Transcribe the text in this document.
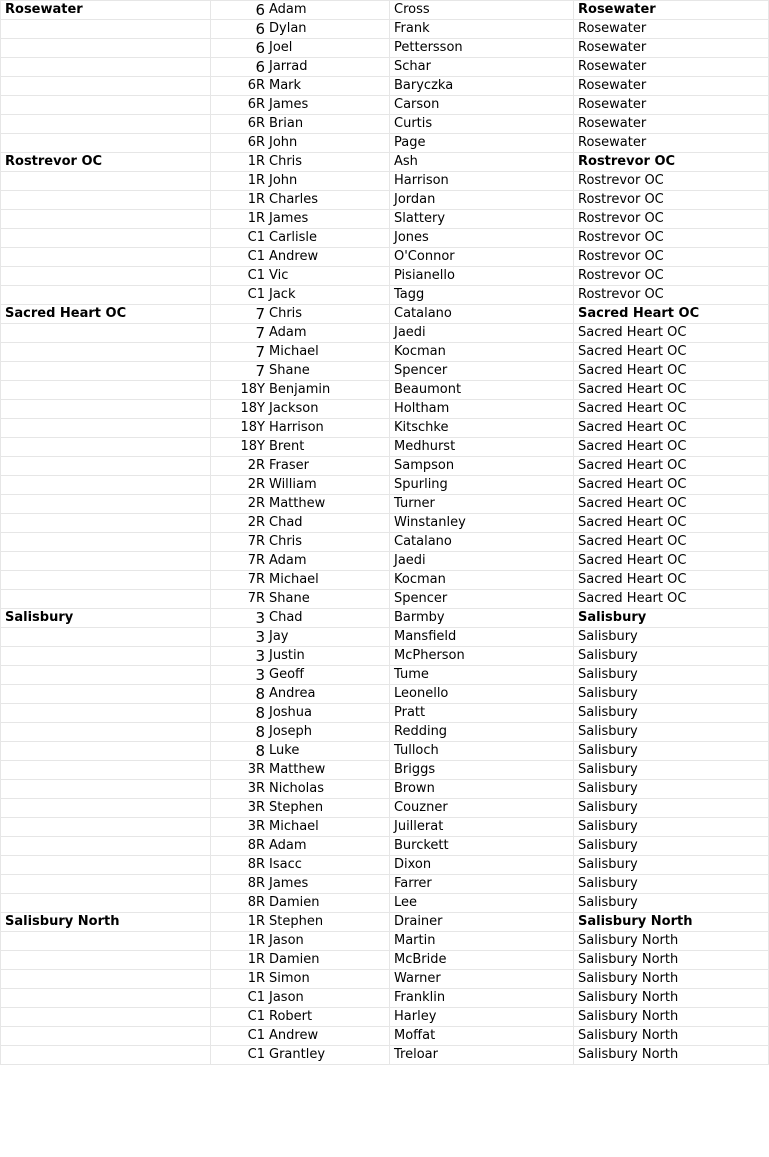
Rosewater	6	Adam	Cross	Rosewater
	6	Dylan	Frank	Rosewater
	6	Joel	Pettersson	Rosewater
	6	Jarrad	Schar	Rosewater
	6R	Mark	Baryczka	Rosewater
	6R	James	Carson	Rosewater
	6R	Brian	Curtis	Rosewater
	6R	John	Page	Rosewater
Rostrevor OC	1R	Chris	Ash	Rostrevor OC
	1R	John	Harrison	Rostrevor OC
	1R	Charles	Jordan	Rostrevor OC
	1R	James	Slattery	Rostrevor OC
	C1	Carlisle	Jones	Rostrevor OC
	C1	Andrew	O'Connor	Rostrevor OC
	C1	Vic	Pisianello	Rostrevor OC
	C1	Jack	Tagg	Rostrevor OC
Sacred Heart OC	7	Chris	Catalano	Sacred Heart OC
	7	Adam	Jaedi	Sacred Heart OC
	7	Michael	Kocman	Sacred Heart OC
	7	Shane	Spencer	Sacred Heart OC
	18Y	Benjamin	Beaumont	Sacred Heart OC
	18Y	Jackson	Holtham	Sacred Heart OC
	18Y	Harrison	Kitschke	Sacred Heart OC
	18Y	Brent	Medhurst	Sacred Heart OC
	2R	Fraser	Sampson	Sacred Heart OC
	2R	William	Spurling	Sacred Heart OC
	2R	Matthew	Turner	Sacred Heart OC
	2R	Chad	Winstanley	Sacred Heart OC
	7R	Chris	Catalano	Sacred Heart OC
	7R	Adam	Jaedi	Sacred Heart OC
	7R	Michael	Kocman	Sacred Heart OC
	7R	Shane	Spencer	Sacred Heart OC
Salisbury	3	Chad	Barmby	Salisbury
	3	Jay	Mansfield	Salisbury
	3	Justin	McPherson	Salisbury
	3	Geoff	Tume	Salisbury
	8	Andrea	Leonello	Salisbury
	8	Joshua	Pratt	Salisbury
	8	Joseph	Redding	Salisbury
	8	Luke	Tulloch	Salisbury
	3R	Matthew	Briggs	Salisbury
	3R	Nicholas	Brown	Salisbury
	3R	Stephen	Couzner	Salisbury
	3R	Michael	Juillerat	Salisbury
	8R	Adam	Burckett	Salisbury
	8R	Isacc	Dixon	Salisbury
	8R	James	Farrer	Salisbury
	8R	Damien	Lee	Salisbury
Salisbury North	1R	Stephen	Drainer	Salisbury North
	1R	Jason	Martin	Salisbury North
	1R	Damien	McBride	Salisbury North
	1R	Simon	Warner	Salisbury North
	C1	Jason	Franklin	Salisbury North
	C1	Robert	Harley	Salisbury North
	C1	Andrew	Moffat	Salisbury North
	C1	Grantley	Treloar	Salisbury North
